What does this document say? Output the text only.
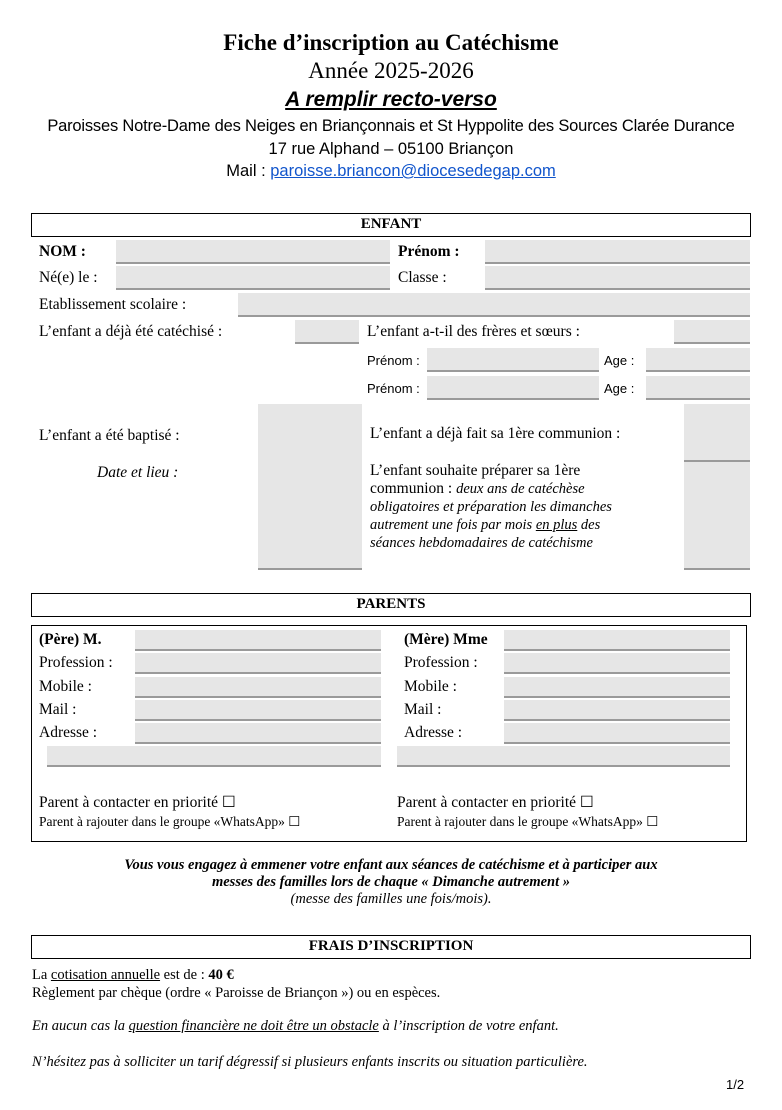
Fiche d’inscription au Catéchisme
Année 2025-2026
A remplir recto-verso
Paroisses Notre-Dame des Neiges en Briançonnais et St Hyppolite des Sources Clarée Durance
17 rue Alphand – 05100 Briançon
Mail : paroisse.briancon@diocesedegap.com
ENFANT
NOM :	Prénom :
Né(e) le :	Classe :
Etablissement scolaire :
L’enfant a déjà été catéchisé :	L’enfant a-t-il des frères et sœurs :
Prénom :	Age :
Prénom :	Age :
L’enfant a été baptisé :
Date et lieu :
L’enfant a déjà fait sa 1ère communion :
L’enfant souhaite préparer sa 1ère
communion : deux ans de catéchèse
obligatoires et préparation les dimanches
autrement une fois par mois en plus des
séances hebdomadaires de catéchisme
PARENTS
(Père) M.
Profession :
Mobile :
Mail :
Adresse :
(Mère) Mme
Profession :
Mobile :
Mail :
Adresse :
Parent à contacter en priorité ☐
Parent à rajouter dans le groupe «WhatsApp» ☐
Parent à contacter en priorité ☐
Parent à rajouter dans le groupe «WhatsApp» ☐
Vous vous engagez à emmener votre enfant aux séances de catéchisme et à participer aux
messes des familles lors de chaque « Dimanche autrement »
(messe des familles une fois/mois).
FRAIS D’INSCRIPTION
La cotisation annuelle est de : 40 €
Règlement par chèque (ordre « Paroisse de Briançon ») ou en espèces.
En aucun cas la question financière ne doit être un obstacle à l’inscription de votre enfant.
N’hésitez pas à solliciter un tarif dégressif si plusieurs enfants inscrits ou situation particulière.
1/2
